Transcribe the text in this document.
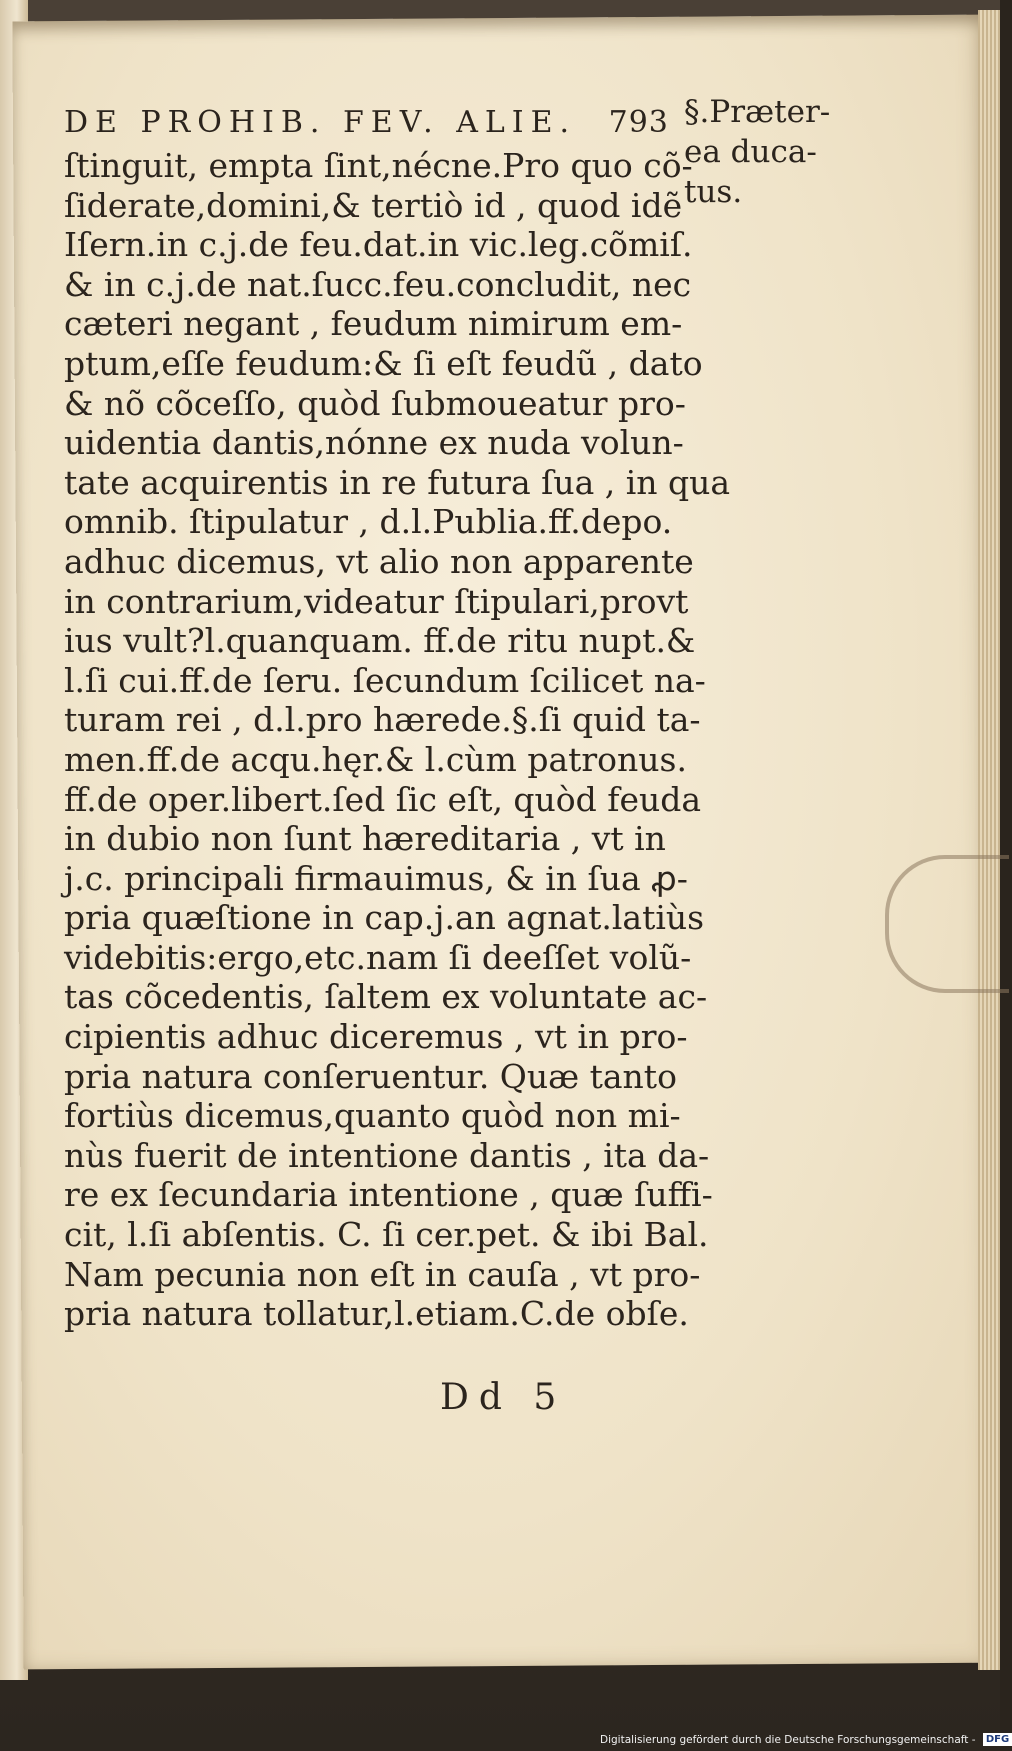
DE PROHIB. FEV. ALIE. 793
ſtinguit, empta ſint,nécne.Pro quo cõ-
ſiderate,domini,& tertiò id , quod idẽ
Iſern.in c.j.de feu.dat.in vic.leg.cõmiſ.
& in c.j.de nat.ſucc.feu.concludit, nec
cæteri negant , feudum nimirum em-
ptum,eſſe feudum:& ſi eſt feudũ , dato
& nõ cõceſſo, quòd ſubmoueatur pro-
uidentia dantis,nónne ex nuda volun-
tate acquirentis in re futura ſua , in qua
omnib. ſtipulatur , d.l.Publia.ff.depo.
adhuc dicemus, vt alio non apparente
in contrarium,videatur ſtipulari,provt
ius vult?l.quanquam. ff.de ritu nupt.&
l.ſi cui.ff.de ſeru. ſecundum ſcilicet na-
turam rei , d.l.pro hærede.§.ſi quid ta-
men.ff.de acqu.hęr.& l.cùm patronus.
ff.de oper.libert.ſed ſic eſt, quòd feuda
in dubio non ſunt hæreditaria , vt in
j.c. principali firmauimus, & in ſua ꝓ-
pria quæſtione in cap.j.an agnat.latiùs
videbitis:ergo,etc.nam ſi deeſſet volũ-
tas cõcedentis, ſaltem ex voluntate ac-
cipientis adhuc diceremus , vt in pro-
pria natura conſeruentur. Quæ tanto
fortiùs dicemus,quanto quòd non mi-
nùs fuerit de intentione dantis , ita da-
re ex ſecundaria intentione , quæ ſuffi-
cit, l.ſi abſentis. C. ſi cer.pet. & ibi Bal.
Nam pecunia non eſt in cauſa , vt pro-
pria natura tollatur,l.etiam.C.de obſe.
§.Præter-
ea duca-
tus.
Dd 5
Digitalisierung gefördert durch die Deutsche Forschungsgemeinschaft - DFG
